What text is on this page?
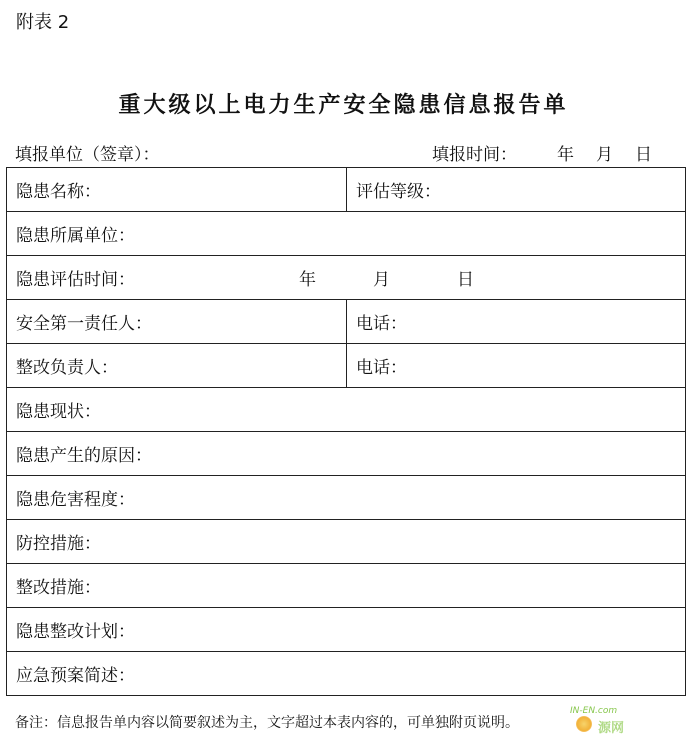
附表 2
重大级以上电力生产安全隐患信息报告单
填报单位（签章）：	填报时间： 年 月 日
隐患名称：	评估等级：
隐患所属单位：	
隐患评估时间： 年 月 日	
安全第一责任人：	电话：
整改负责人：	电话：
隐患现状：	
隐患产生的原因：	
隐患危害程度：	
防控措施：	
整改措施：	
隐患整改计划：	
应急预案简述：	
备注：信息报告单内容以简要叙述为主，文字超过本表内容的，可单独附页说明。
IN-EN.com
源网
